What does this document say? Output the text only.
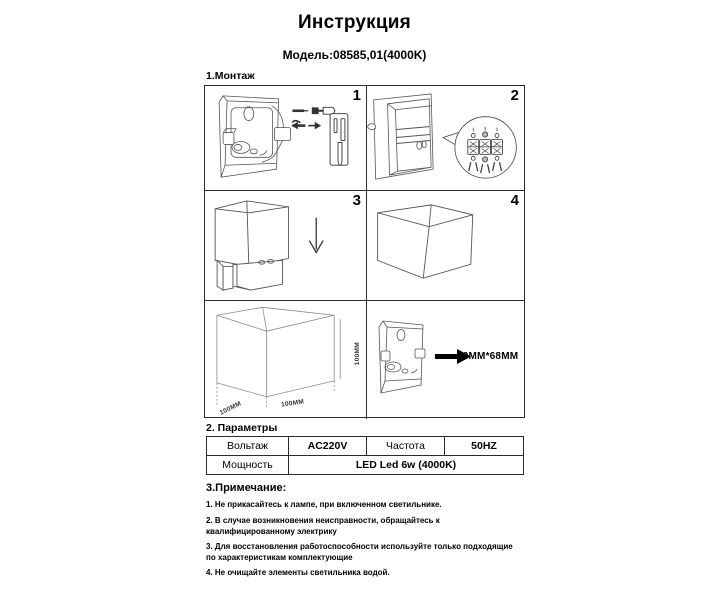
Инструкция
Модель:08585,01(4000K)
1.Монтаж
1	2
3	4
100MM
100MM
100MM
80MM*68MM
2. Параметры
Вольтаж	AC220V	Частота	50HZ
Мощность	LED Led 6w (4000K)		
3.Примечание:
1. Не прикасайтесь к лампе, при включенном светильнике.
2. В случае возникновения неисправности, обращайтесь к квалифицированному электрику
3. Для восстановления работоспособности используйте только подходящие по характеристикам комплектующие
4. Не очищайте элементы светильника водой.
